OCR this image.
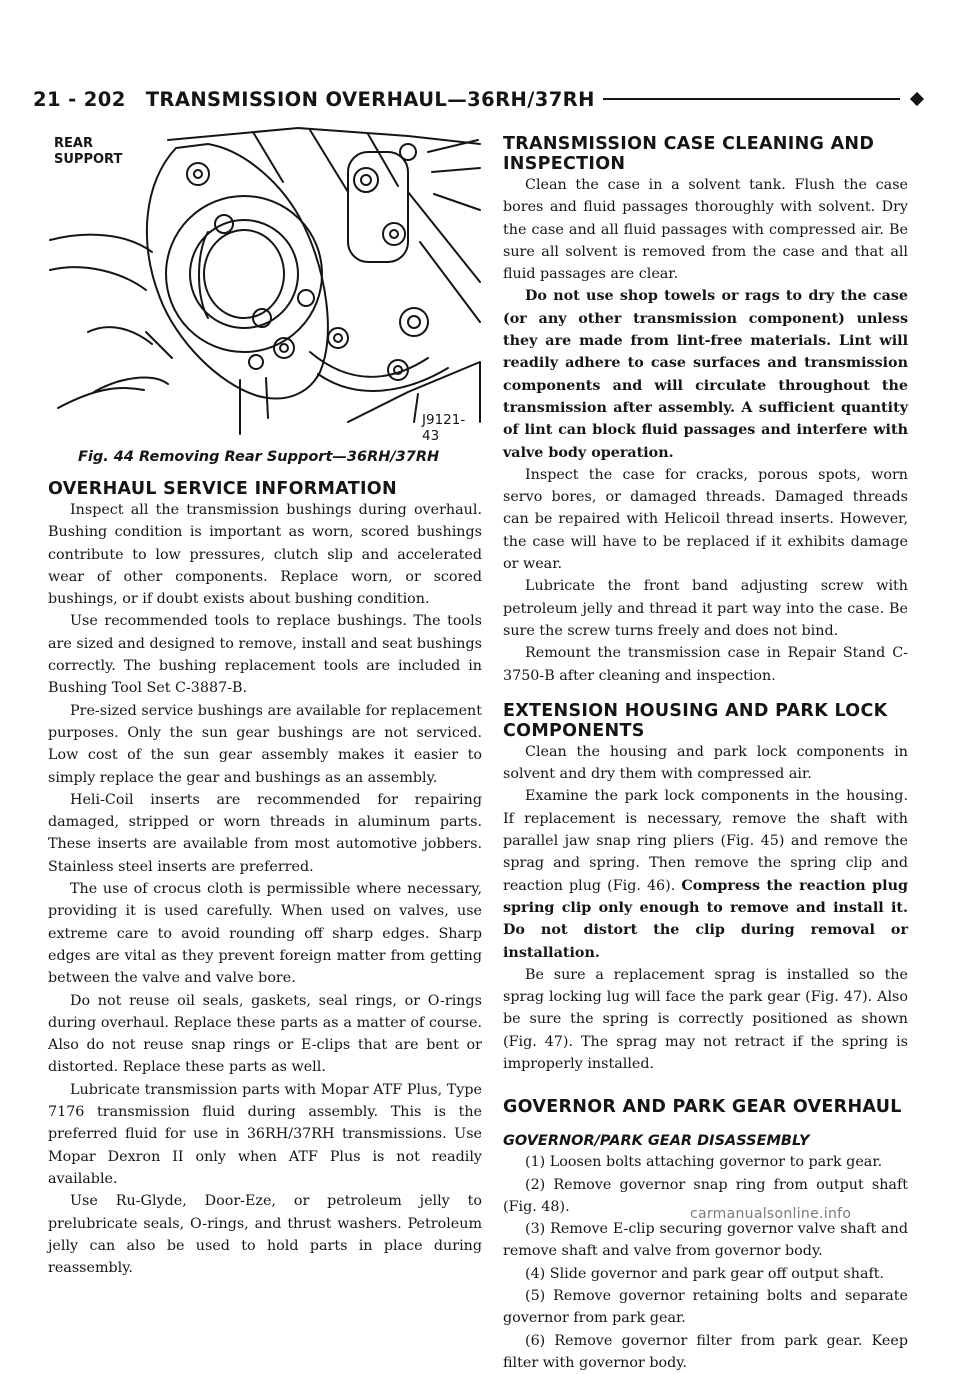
21 - 202 TRANSMISSION OVERHAUL—36RH/37RH
REAR SUPPORT
J9121-43
Fig. 44 Removing Rear Support—36RH/37RH
OVERHAUL SERVICE INFORMATION

Inspect all the transmission bushings during overhaul. Bushing condition is important as worn, scored bushings contribute to low pressures, clutch slip and accelerated wear of other components. Replace worn, or scored bushings, or if doubt exists about bushing condition.

Use recommended tools to replace bushings. The tools are sized and designed to remove, install and seat bushings correctly. The bushing replacement tools are included in Bushing Tool Set C-3887-B.

Pre-sized service bushings are available for replacement purposes. Only the sun gear bushings are not serviced. Low cost of the sun gear assembly makes it easier to simply replace the gear and bushings as an assembly.

Heli-Coil inserts are recommended for repairing damaged, stripped or worn threads in aluminum parts. These inserts are available from most automotive jobbers. Stainless steel inserts are preferred.

The use of crocus cloth is permissible where necessary, providing it is used carefully. When used on valves, use extreme care to avoid rounding off sharp edges. Sharp edges are vital as they prevent foreign matter from getting between the valve and valve bore.

Do not reuse oil seals, gaskets, seal rings, or O-rings during overhaul. Replace these parts as a matter of course. Also do not reuse snap rings or E-clips that are bent or distorted. Replace these parts as well.

Lubricate transmission parts with Mopar ATF Plus, Type 7176 transmission fluid during assembly. This is the preferred fluid for use in 36RH/37RH transmissions. Use Mopar Dexron II only when ATF Plus is not readily available.

Use Ru-Glyde, Door-Eze, or petroleum jelly to prelubricate seals, O-rings, and thrust washers. Petroleum jelly can also be used to hold parts in place during reassembly.

TRANSMISSION CASE CLEANING AND INSPECTION

Clean the case in a solvent tank. Flush the case bores and fluid passages thoroughly with solvent. Dry the case and all fluid passages with compressed air. Be sure all solvent is removed from the case and that all fluid passages are clear.

Do not use shop towels or rags to dry the case (or any other transmission component) unless they are made from lint-free materials. Lint will readily adhere to case surfaces and transmission components and will circulate throughout the transmission after assembly. A sufficient quantity of lint can block fluid passages and interfere with valve body operation.

Inspect the case for cracks, porous spots, worn servo bores, or damaged threads. Damaged threads can be repaired with Helicoil thread inserts. However, the case will have to be replaced if it exhibits damage or wear.

Lubricate the front band adjusting screw with petroleum jelly and thread it part way into the case. Be sure the screw turns freely and does not bind.

Remount the transmission case in Repair Stand C-3750-B after cleaning and inspection.

EXTENSION HOUSING AND PARK LOCK COMPONENTS

Clean the housing and park lock components in solvent and dry them with compressed air.

Examine the park lock components in the housing. If replacement is necessary, remove the shaft with parallel jaw snap ring pliers (Fig. 45) and remove the sprag and spring. Then remove the spring clip and reaction plug (Fig. 46). Compress the reaction plug spring clip only enough to remove and install it. Do not distort the clip during removal or installation.

Be sure a replacement sprag is installed so the sprag locking lug will face the park gear (Fig. 47). Also be sure the spring is correctly positioned as shown (Fig. 47). The sprag may not retract if the spring is improperly installed.

GOVERNOR AND PARK GEAR OVERHAUL
GOVERNOR/PARK GEAR DISASSEMBLY

(1) Loosen bolts attaching governor to park gear.

(2) Remove governor snap ring from output shaft (Fig. 48).

(3) Remove E-clip securing governor valve shaft and remove shaft and valve from governor body.

(4) Slide governor and park gear off output shaft.

(5) Remove governor retaining bolts and separate governor from park gear.

(6) Remove governor filter from park gear. Keep filter with governor body.

carmanualsonline.info
